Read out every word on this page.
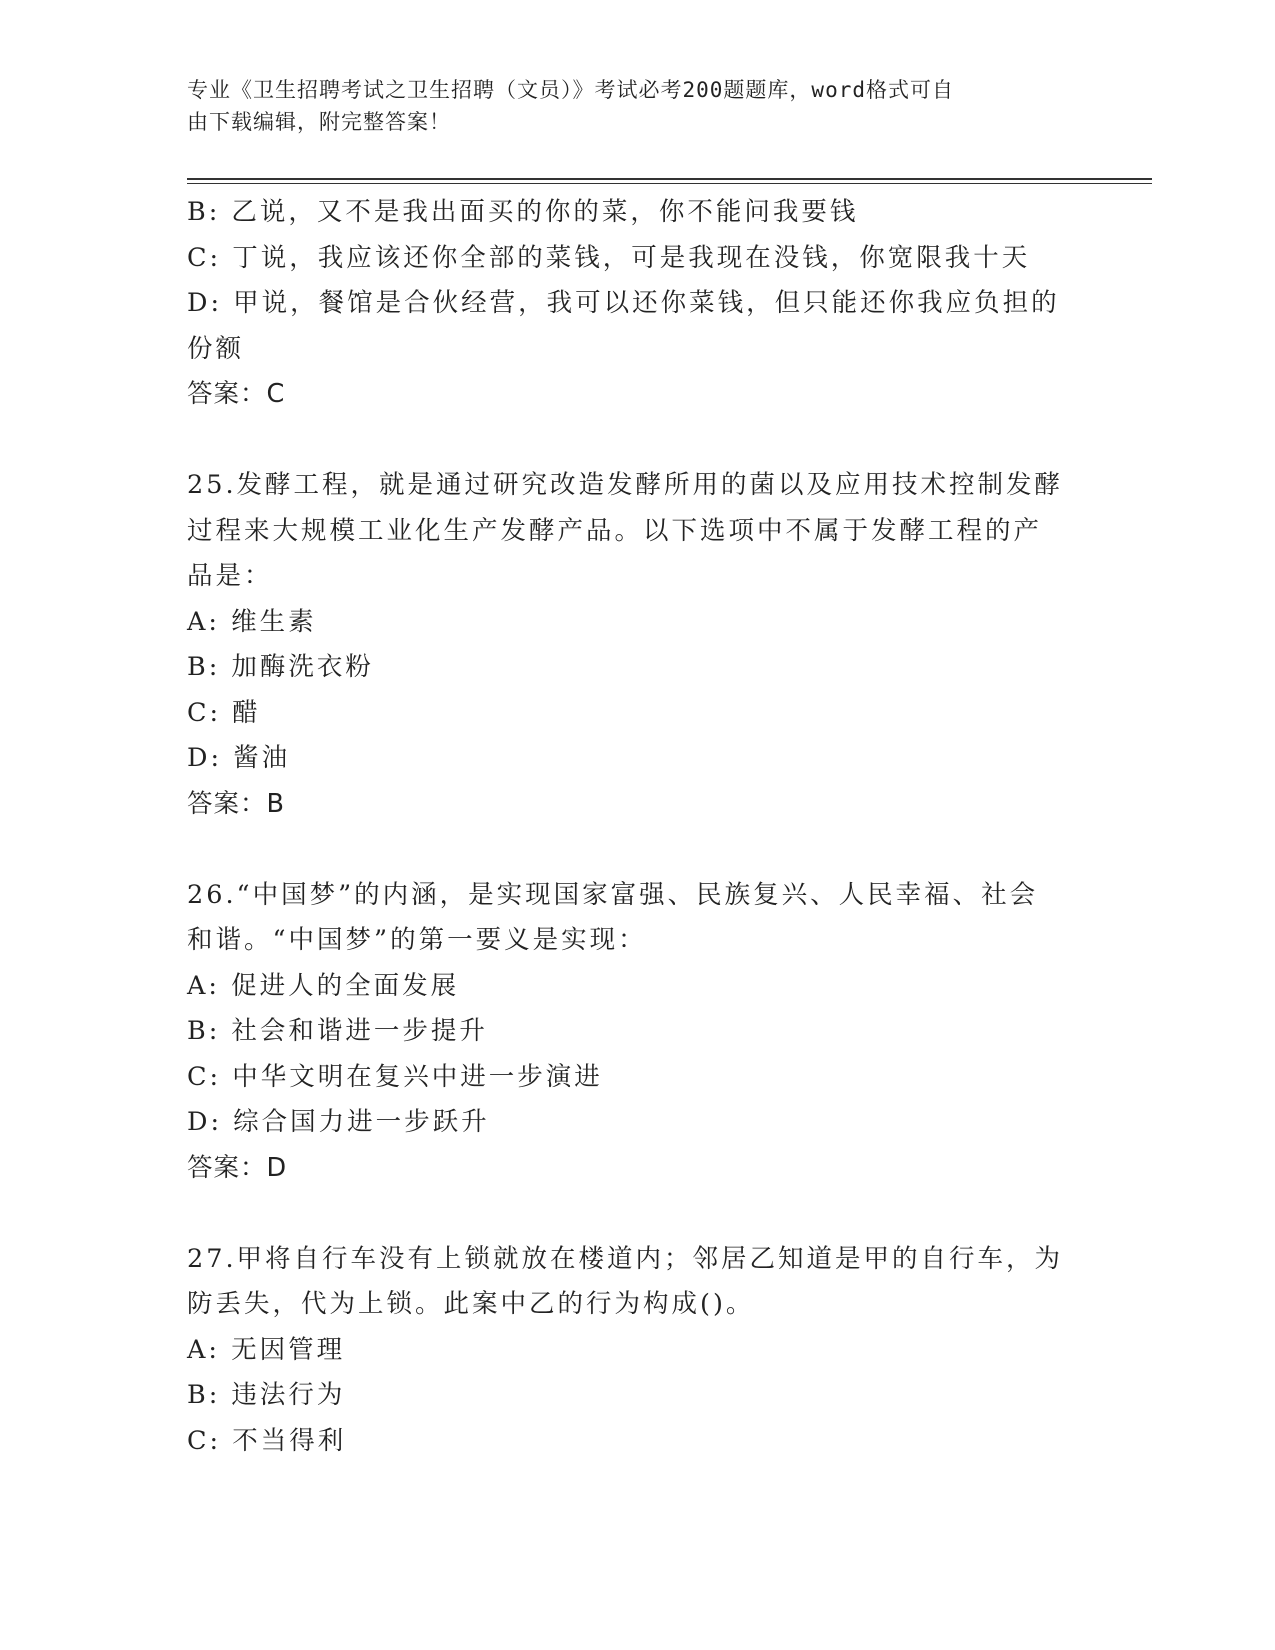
专业《卫生招聘考试之卫生招聘（文员）》考试必考200题题库，word格式可自
由下载编辑，附完整答案！
B: 乙说，又不是我出面买的你的菜，你不能问我要钱
C: 丁说，我应该还你全部的菜钱，可是我现在没钱，你宽限我十天
D: 甲说，餐馆是合伙经营，我可以还你菜钱，但只能还你我应负担的
份额
答案：C
25.发酵工程，就是通过研究改造发酵所用的菌以及应用技术控制发酵
过程来大规模工业化生产发酵产品。以下选项中不属于发酵工程的产
品是：
A: 维生素
B: 加酶洗衣粉
C: 醋
D: 酱油
答案：B
26.“中国梦”的内涵，是实现国家富强、民族复兴、人民幸福、社会
和谐。“中国梦”的第一要义是实现：
A: 促进人的全面发展
B: 社会和谐进一步提升
C: 中华文明在复兴中进一步演进
D: 综合国力进一步跃升
答案：D
27.甲将自行车没有上锁就放在楼道内；邻居乙知道是甲的自行车，为
防丢失，代为上锁。此案中乙的行为构成()。
A: 无因管理
B: 违法行为
C: 不当得利
